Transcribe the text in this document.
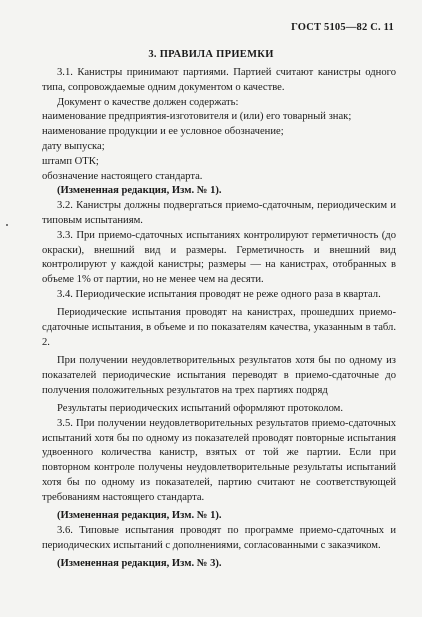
ГОСТ 5105—82 С. 11
3. ПРАВИЛА ПРИЕМКИ

3.1. Канистры принимают партиями. Партией считают канистры одного типа, сопровождаемые одним документом о качестве.

Документ о качестве должен содержать:

наименование предприятия-изготовителя и (или) его товарный знак;

наименование продукции и ее условное обозначение;

дату выпуска;

штамп ОТК;

обозначение настоящего стандарта.

(Измененная редакция, Изм. № 1).

3.2. Канистры должны подвергаться приемо-сдаточным, периодическим и типовым испытаниям.

3.3. При приемо-сдаточных испытаниях контролируют герметичность (до окраски), внешний вид и размеры. Герметичность и внешний вид контролируют у каждой канистры; размеры — на канистрах, отобранных в объеме 1% от партии, но не менее чем на десяти.

3.4. Периодические испытания проводят не реже одного раза в квартал.

Периодические испытания проводят на канистрах, прошедших приемо-сдаточные испытания, в объеме и по показателям качества, указанным в табл. 2.

При получении неудовлетворительных результатов хотя бы по одному из показателей периодические испытания переводят в приемо-сдаточные до получения положительных результатов на трех партиях подряд

Результаты периодических испытаний оформляют протоколом.

3.5. При получении неудовлетворительных результатов приемо-сдаточных испытаний хотя бы по одному из показателей проводят повторные испытания удвоенного количества канистр, взятых от той же партии. Если при повторном контроле получены неудовлетворительные результаты испытаний хотя бы по одному из показателей, партию считают не соответствующей требованиям настоящего стандарта.

(Измененная редакция, Изм. № 1).

3.6. Типовые испытания проводят по программе приемо-сдаточных и периодических испытаний с дополнениями, согласованными с заказчиком.

(Измененная редакция, Изм. № 3).
